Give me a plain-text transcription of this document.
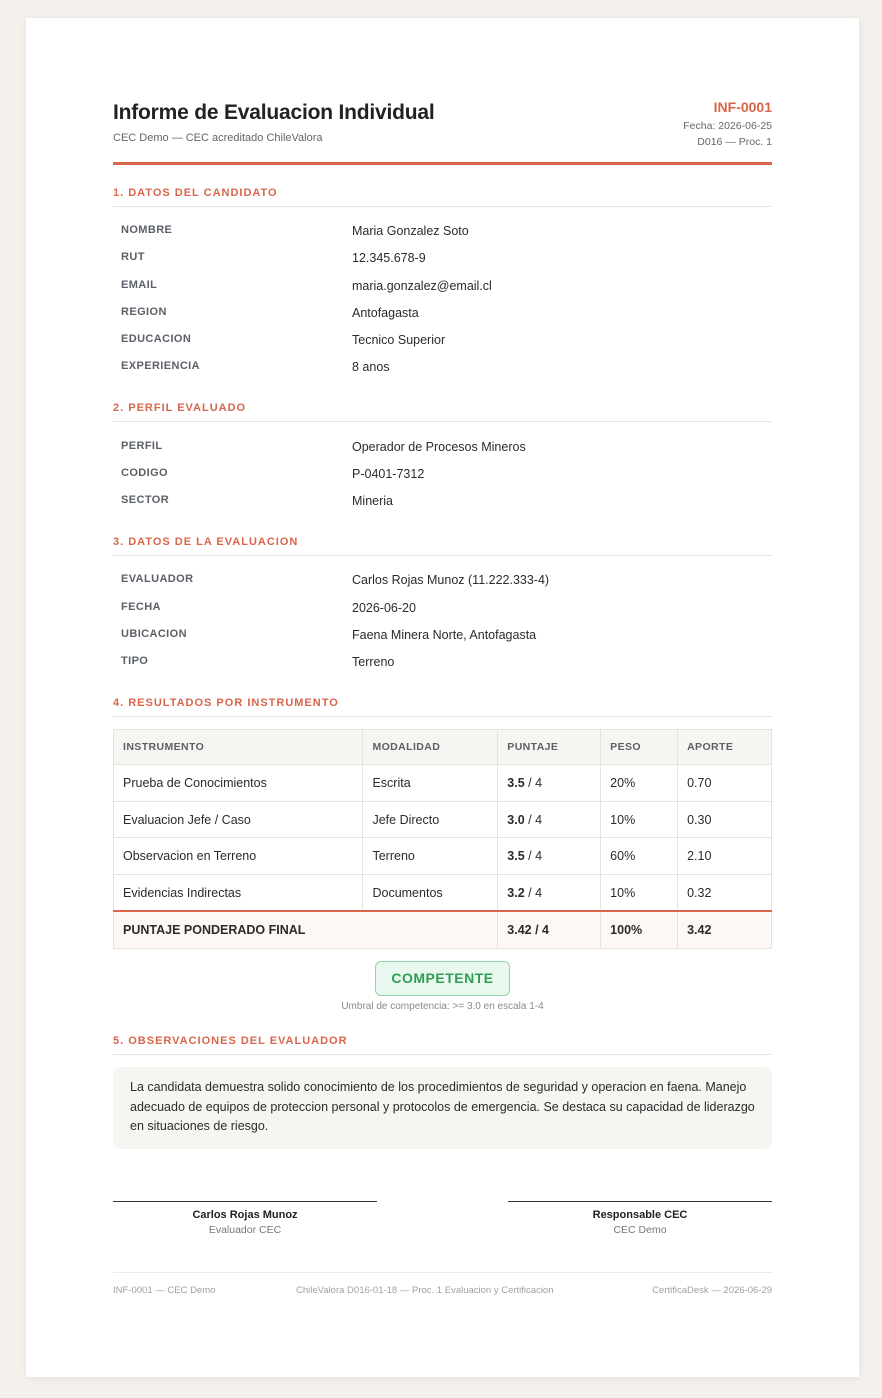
Informe de Evaluacion Individual
CEC Demo — CEC acreditado ChileValora
INF-0001
Fecha: 2026-06-25
D016 — Proc. 1
1. DATOS DEL CANDIDATO
NOMBRE	Maria Gonzalez Soto
RUT	12.345.678-9
EMAIL	maria.gonzalez@email.cl
REGION	Antofagasta
EDUCACION	Tecnico Superior
EXPERIENCIA	8 anos
2. PERFIL EVALUADO
PERFIL	Operador de Procesos Mineros
CODIGO	P-0401-7312
SECTOR	Mineria
3. DATOS DE LA EVALUACION
EVALUADOR	Carlos Rojas Munoz (11.222.333-4)
FECHA	2026-06-20
UBICACION	Faena Minera Norte, Antofagasta
TIPO	Terreno
4. RESULTADOS POR INSTRUMENTO
INSTRUMENTO	MODALIDAD	PUNTAJE	PESO	APORTE
Prueba de Conocimientos	Escrita	3.5 / 4	20%	0.70
Evaluacion Jefe / Caso	Jefe Directo	3.0 / 4	10%	0.30
Observacion en Terreno	Terreno	3.5 / 4	60%	2.10
Evidencias Indirectas	Documentos	3.2 / 4	10%	0.32
PUNTAJE PONDERADO FINAL		3.42 / 4	100%	3.42
COMPETENTE
Umbral de competencia: >= 3.0 en escala 1-4
5. OBSERVACIONES DEL EVALUADOR
La candidata demuestra solido conocimiento de los procedimientos de seguridad y operacion en faena. Manejo adecuado de equipos de proteccion personal y protocolos de emergencia. Se destaca su capacidad de liderazgo en situaciones de riesgo.
Carlos Rojas Munoz
Evaluador CEC
Responsable CEC
CEC Demo
INF-0001 — CEC Demo	ChileValora D016-01-18 — Proc. 1 Evaluacion y Certificacion	CertificaDesk — 2026-06-29
